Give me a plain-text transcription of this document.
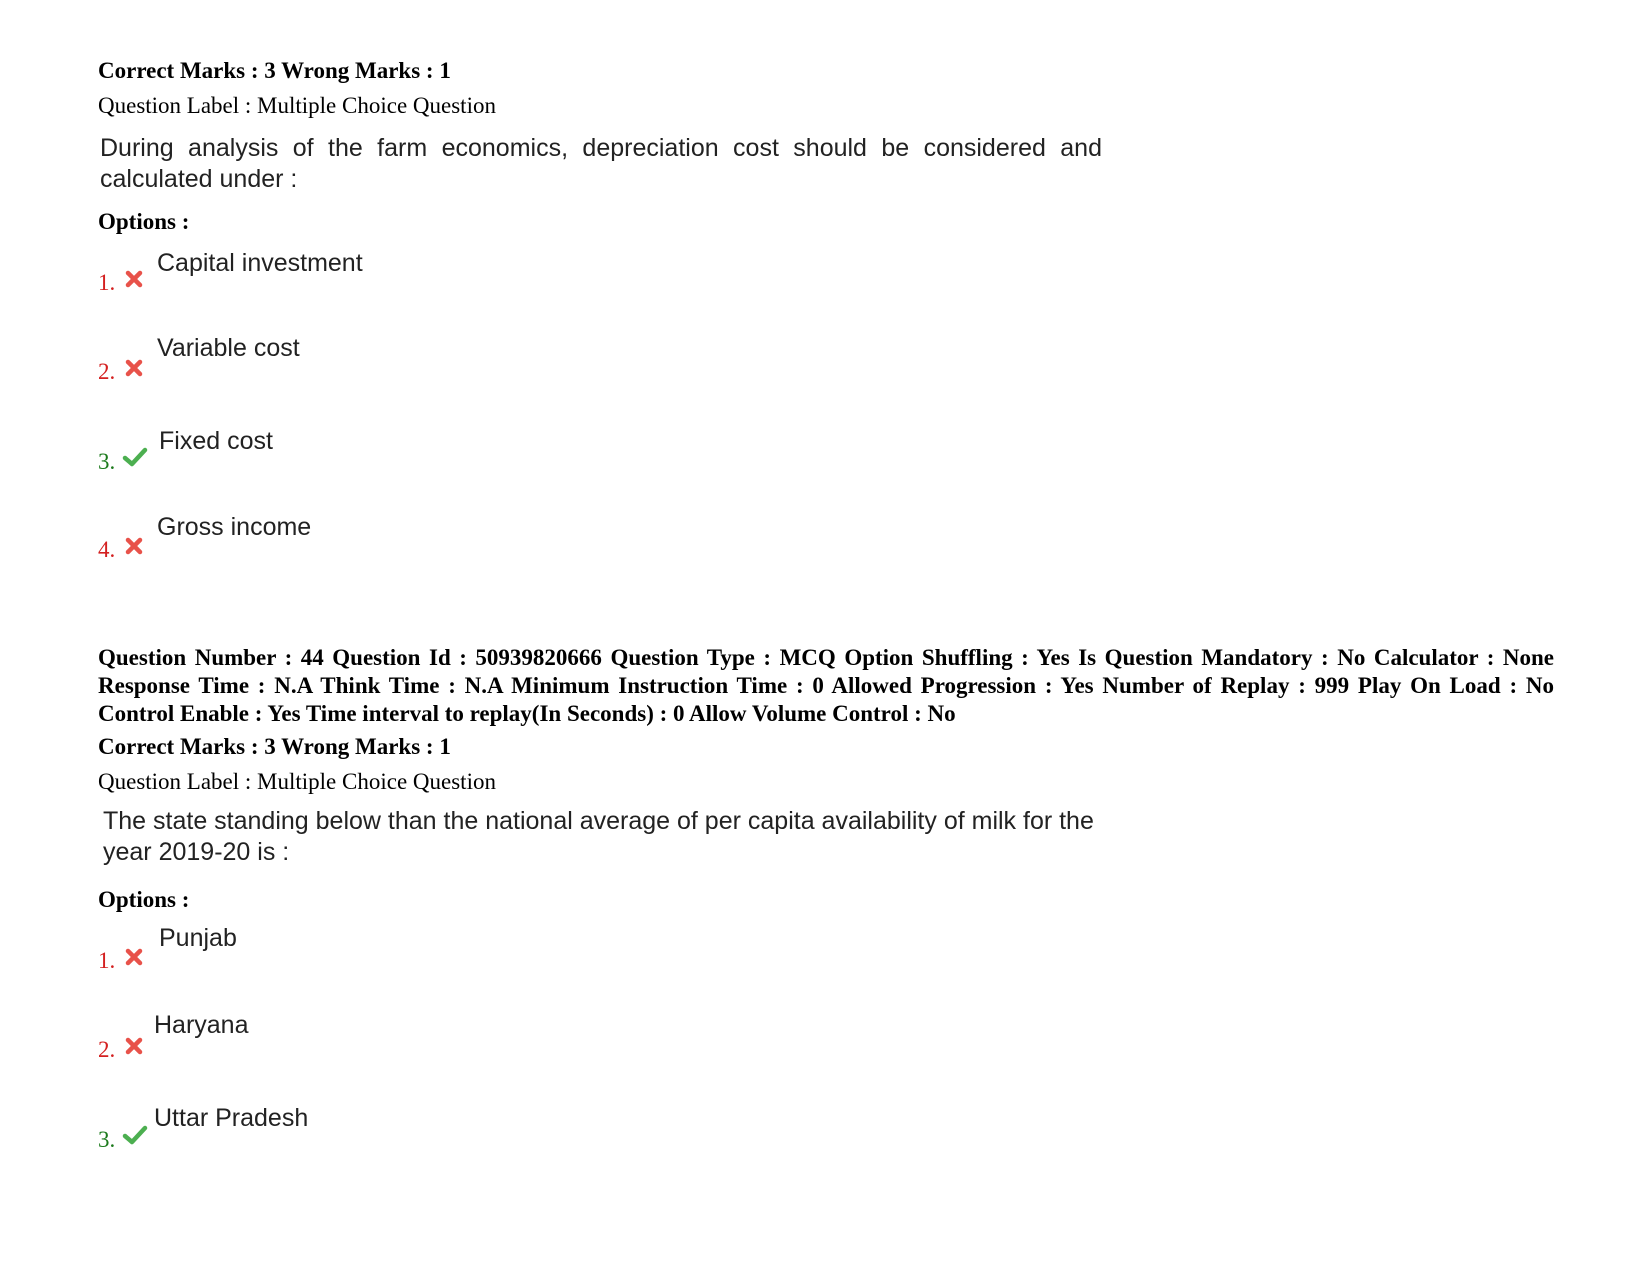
Correct Marks : 3 Wrong Marks : 1
Question Label : Multiple Choice Question
During analysis of the farm economics, depreciation cost should be considered and calculated under :
Options :
1.
Capital investment
2.
Variable cost
3.
Fixed cost
4.
Gross income
Question Number : 44 Question Id : 50939820666 Question Type : MCQ Option Shuffling : Yes Is Question Mandatory : No Calculator : None Response Time : N.A Think Time : N.A Minimum Instruction Time : 0 Allowed Progression : Yes Number of Replay : 999 Play On Load : No Control Enable : Yes Time interval to replay(In Seconds) : 0 Allow Volume Control : No
Correct Marks : 3 Wrong Marks : 1
Question Label : Multiple Choice Question
The state standing below than the national average of per capita availability of milk for the year 2019-20 is :
Options :
1.
Punjab
2.
Haryana
3.
Uttar Pradesh
